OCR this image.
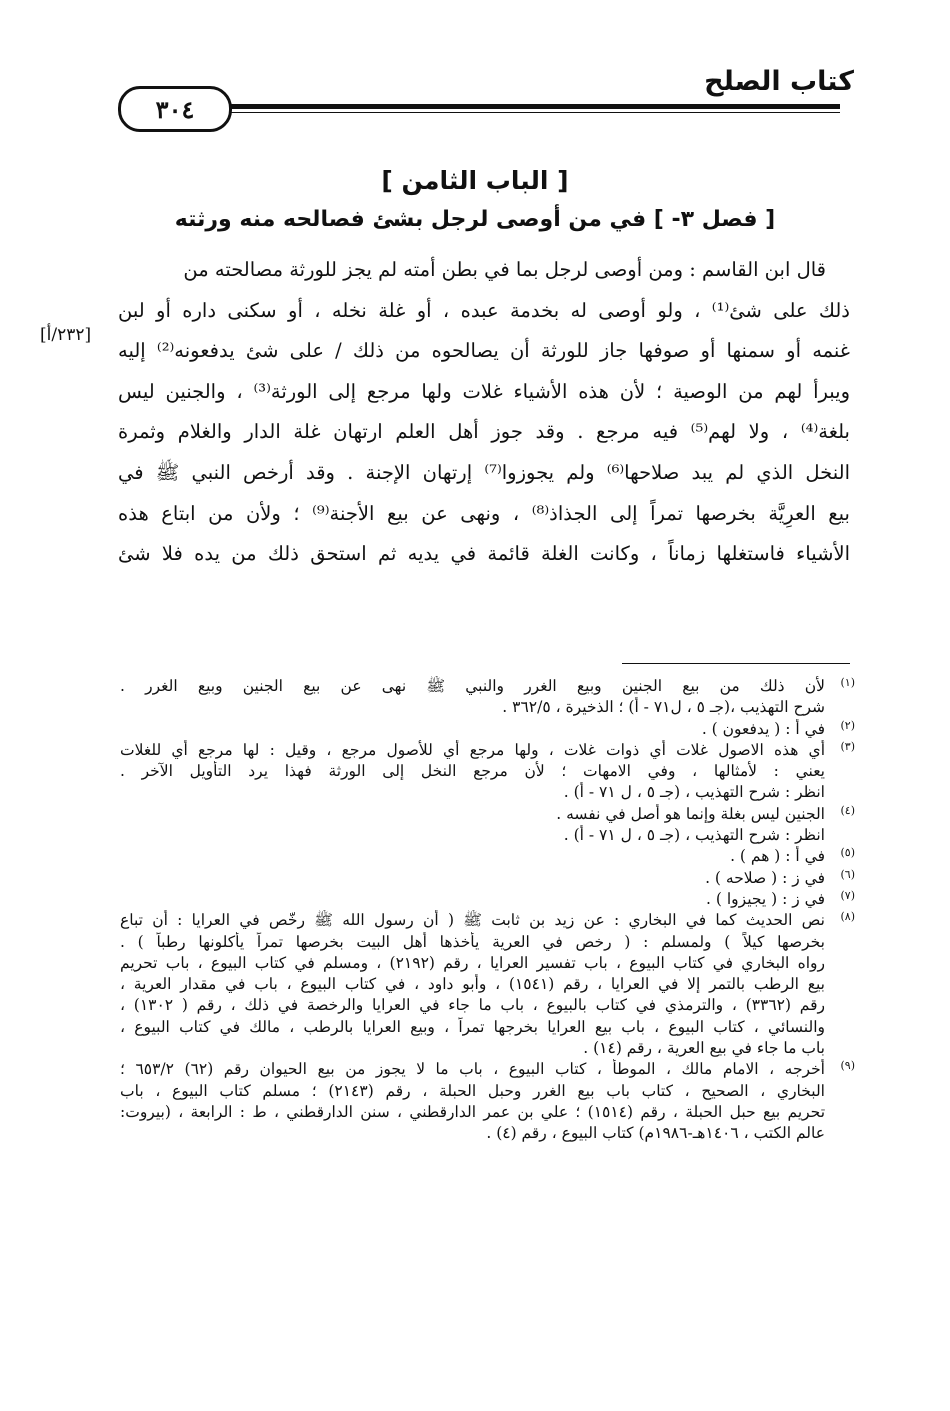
كتاب الصلح
٣٠٤
[ الباب الثامن ]
[ فصل ٣- ] في من أوصى لرجل بشئ فصالحه منه ورثته
[٢٣٢/أ]
قال ابن القاسم : ومن أوصى لرجل بما في بطن أمته لم يجز للورثة مصالحته من
ذلك على شئ⁽¹⁾ ، ولو أوصى له بخدمة عبده ، أو غلة نخله ، أو سكنى داره أو لبن
غنمه أو سمنها أو صوفها جاز للورثة أن يصالحوه من ذلك / على شئ يدفعونه⁽²⁾ إليه
ويبرأ لهم من الوصية ؛ لأن هذه الأشياء غلات ولها مرجع إلى الورثة⁽³⁾ ، والجنين ليس
بلغة⁽⁴⁾ ، ولا لهم⁽⁵⁾ فيه مرجع . وقد جوز أهل العلم ارتهان غلة الدار والغلام وثمرة
النخل الذي لم يبد صلاحها⁽⁶⁾ ولم يجوزوا⁽⁷⁾ إرتهان الإجنة . وقد أرخص النبي ﷺ في
بيع العرِيَّة بخرصها تمراً إلى الجذاذ⁽⁸⁾ ، ونهى عن بيع الأجنة⁽⁹⁾ ؛ ولأن من ابتاع هذه
الأشياء فاستغلها زماناً ، وكانت الغلة قائمة في يديه ثم استحق ذلك من يده فلا شئ
(١)
لأن ذلك من بيع الجنين وبيع الغرر والنبي ﷺ نهى عن بيع الجنين وبيع الغرر .
شرح التهذيب ،(جـ ٥ ، ل٧١ - أ) ؛ الذخيرة ، ٣٦٢/٥ .
(٢)
في أ : ( يدفعون ) .
(٣)
أي هذه الاصول غلات أي ذوات غلات ، ولها مرجع أي للأصول مرجع ، وقيل : لها مرجع أي للغلات
يعني : لأمثالها ، وفي الامهات ؛ لأن مرجع النخل إلى الورثة فهذا يرد التأويل الآخر .
انظر : شرح التهذيب ، (جـ ٥ ، ل ٧١ - أ) .
(٤)
الجنين ليس بغلة وإنما هو أصل في نفسه .
انظر : شرح التهذيب ، (جـ ٥ ، ل ٧١ - أ) .
(٥)
في أ : ( هم ) .
(٦)
في ز : ( صلاحه ) .
(٧)
في ز : ( يجيزوا ) .
(٨)
نص الحديث كما في البخاري : عن زيد بن ثابت ﷺ ( أن رسول الله ﷺ رخّص في العرايا : أن تباع
بخرصها كيلاً ) ولمسلم : ( رخص في العرية يأخذها أهل البيت بخرصها تمراً يأكلونها رطباً ) .
رواه البخاري في كتاب البيوع ، باب تفسير العرايا ، رقم (٢١٩٢) ، ومسلم في كتاب البيوع ، باب تحريم
بيع الرطب بالتمر إلا في العرايا ، رقم (١٥٤١) ، وأبو داود ، في كتاب البيوع ، باب في مقدار العرية ،
رقم (٣٣٦٢) ، والترمذي في كتاب بالبيوع ، باب ما جاء في العرايا والرخصة في ذلك ، رقم ( ١٣٠٢) ،
والنسائي ، كتاب البيوع ، باب بيع العرايا بخرجها تمراً ، وبيع العرايا بالرطب ، مالك في كتاب البيوع ،
باب ما جاء في بيع العرية ، رقم (١٤) .
(٩)
أخرجه ، الامام مالك ، الموطأ ، كتاب البيوع ، باب ما لا يجوز من بيع الحيوان رقم (٦٢) ٦٥٣/٢ ؛
البخاري ، الصحيح ، كتاب باب بيع الغرر وحبل الحبلة ، رقم (٢١٤٣) ؛ مسلم كتاب البيوع ، باب
تحريم بيع حبل الحبلة ، رقم (١٥١٤) ؛ علي بن عمر الدارقطني ، سنن الدارقطني ، ط : الرابعة ، (بيروت:
عالم الكتب ، ١٤٠٦هـ-١٩٨٦م) كتاب البيوع ، رقم (٤) .
